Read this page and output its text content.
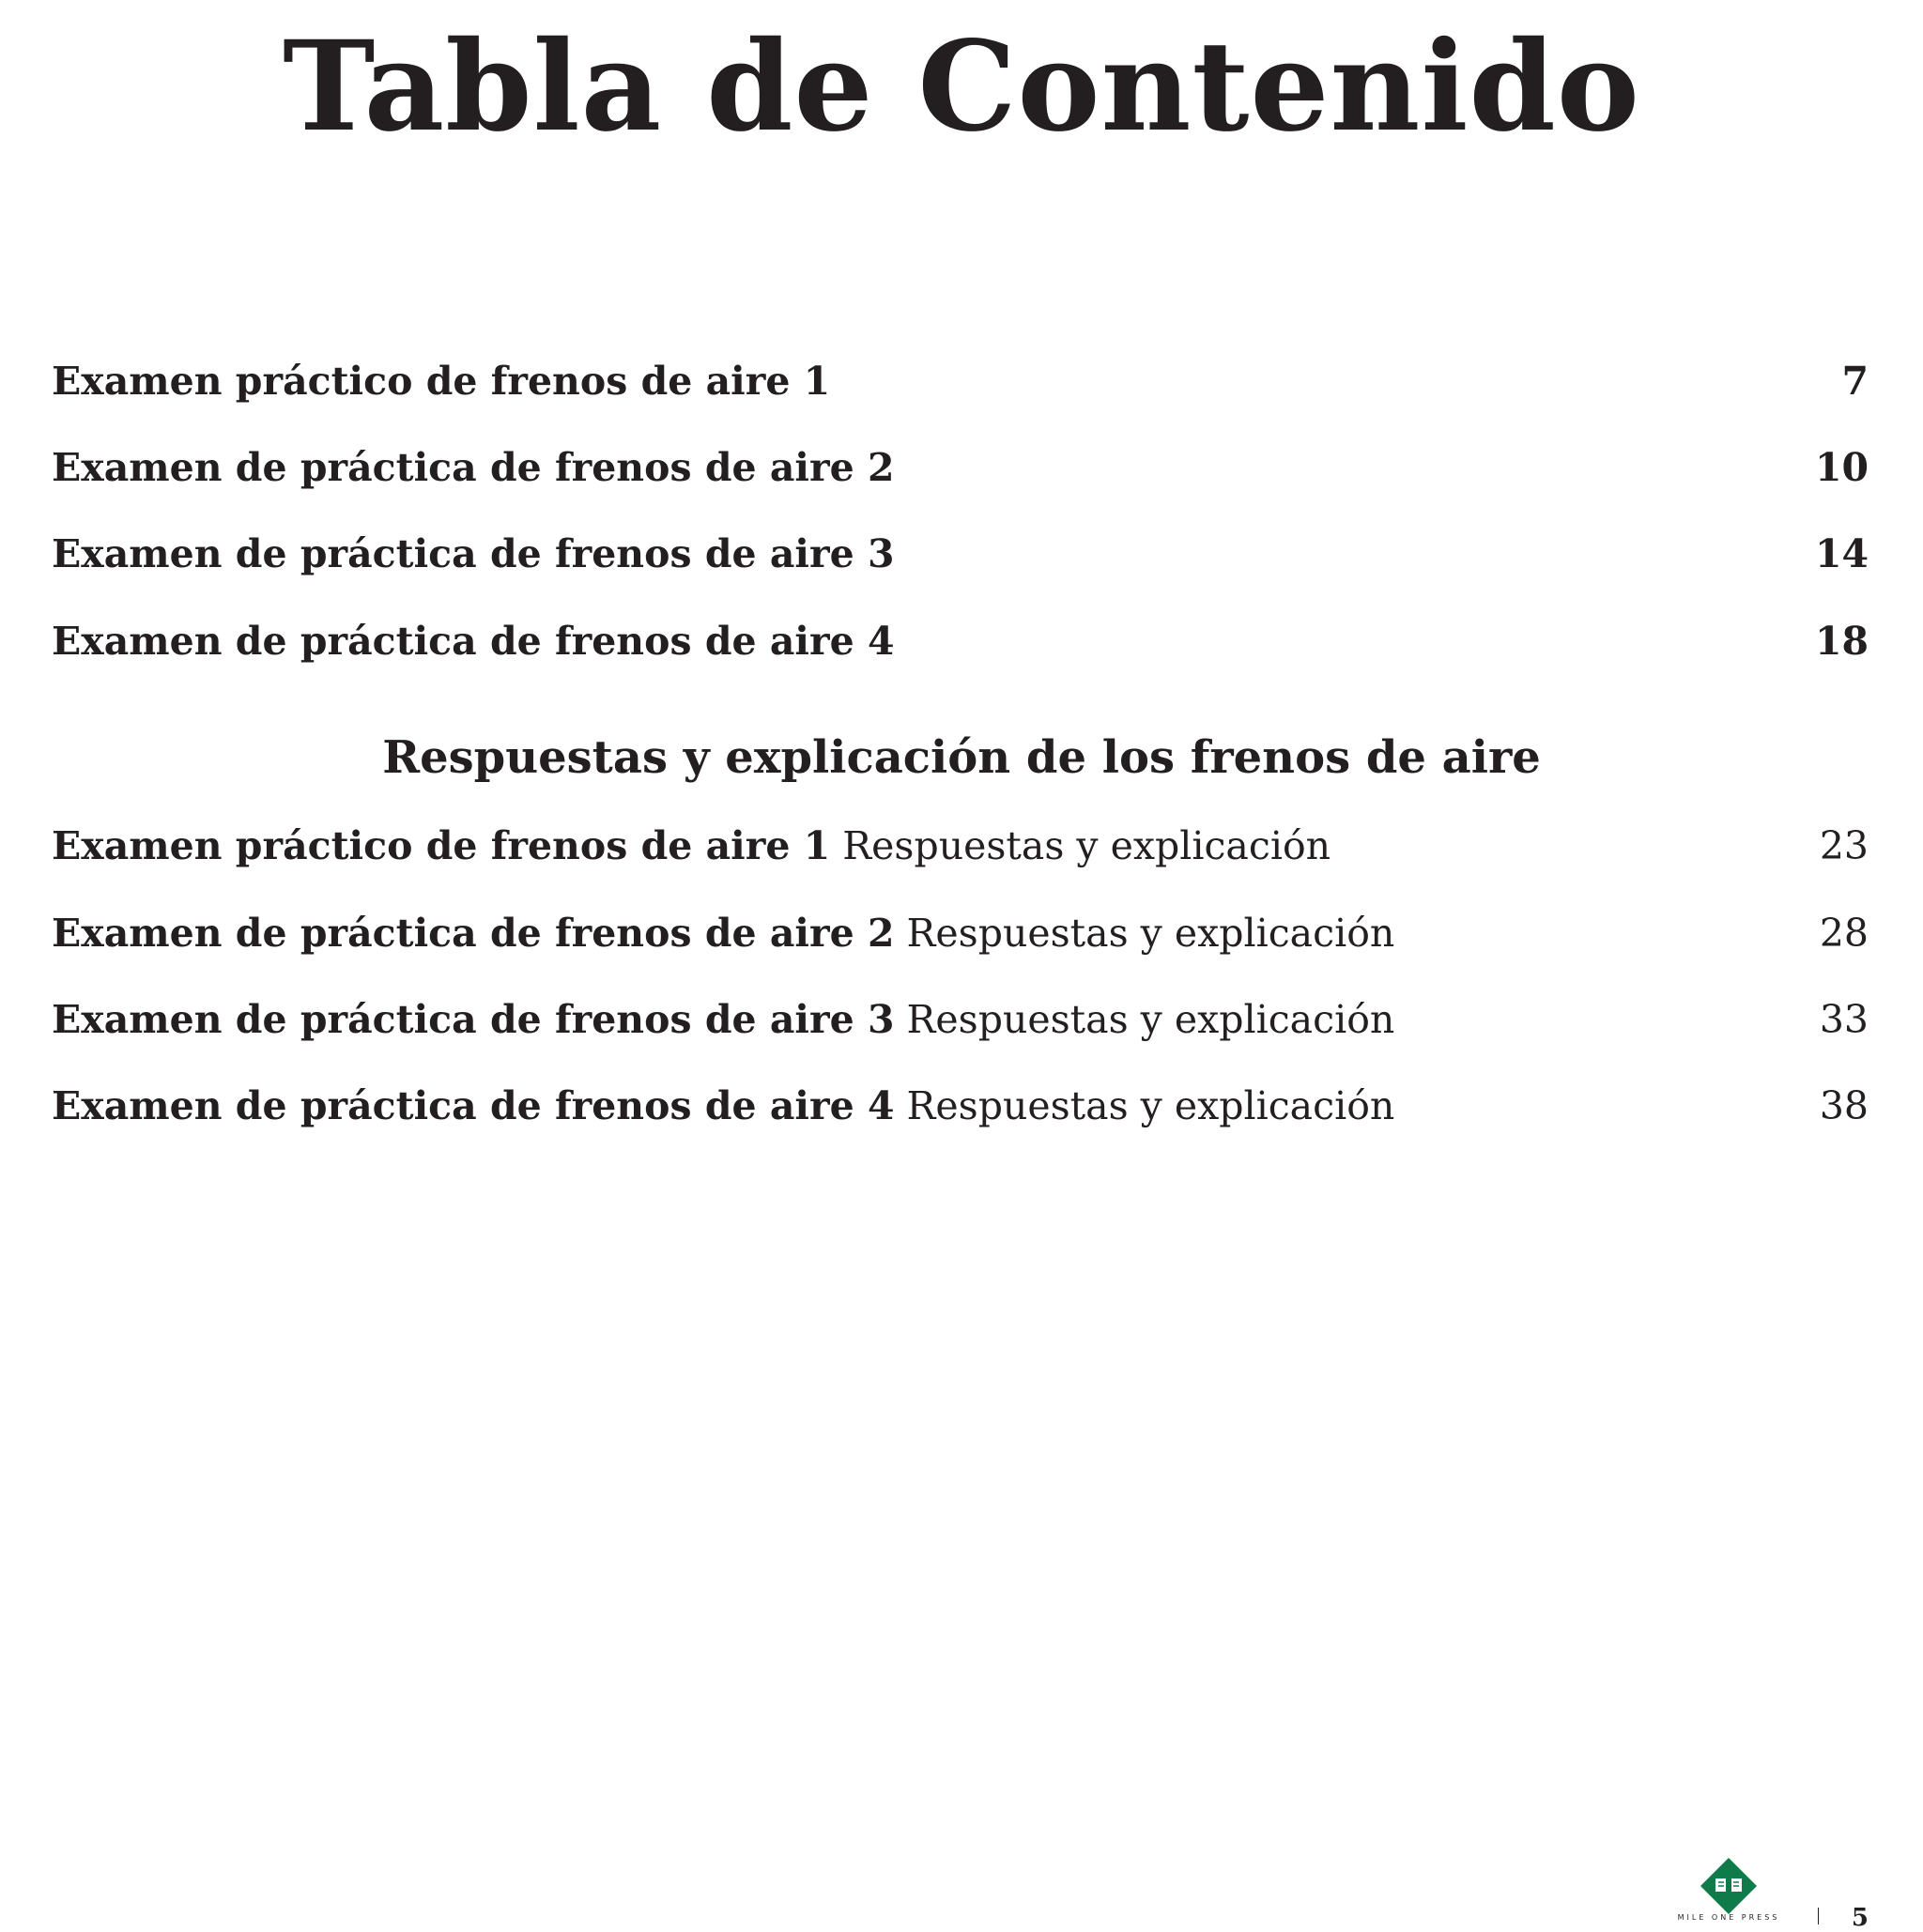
Tabla de Contenido
Examen práctico de frenos de aire 1	7
Examen de práctica de frenos de aire 2	10
Examen de práctica de frenos de aire 3	14
Examen de práctica de frenos de aire 4	18
Respuestas y explicación de los frenos de aire
Examen práctico de frenos de aire 1 Respuestas y explicación	23
Examen de práctica de frenos de aire 2 Respuestas y explicación	28
Examen de práctica de frenos de aire 3 Respuestas y explicación	33
Examen de práctica de frenos de aire 4 Respuestas y explicación	38
MILE ONE PRESS	5
